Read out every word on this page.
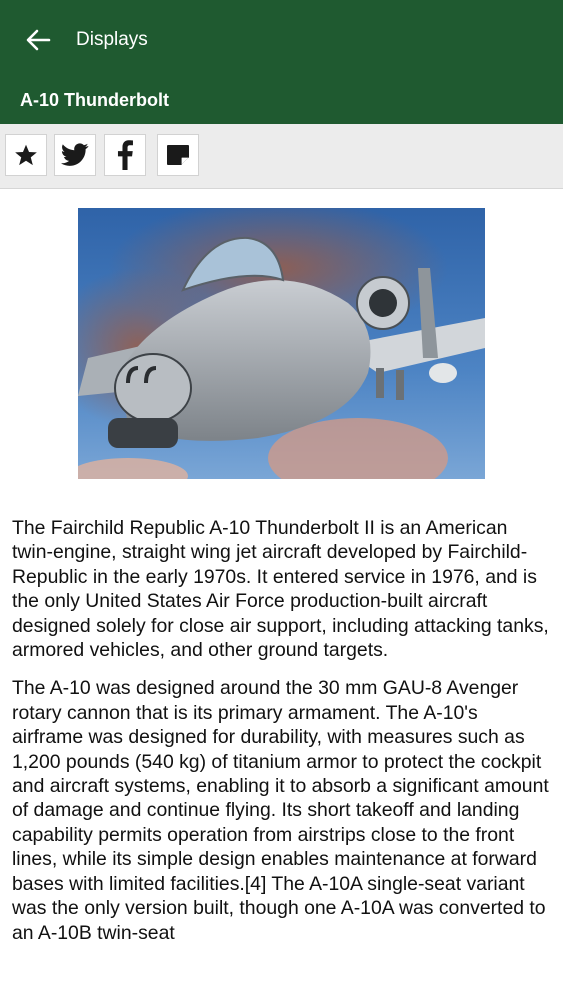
Displays
A-10 Thunderbolt

The Fairchild Republic A-10 Thunderbolt II is an American twin-engine, straight wing jet aircraft developed by Fairchild-Republic in the early 1970s. It entered service in 1976, and is the only United States Air Force production-built aircraft designed solely for close air support, including attacking tanks, armored vehicles, and other ground targets.

The A-10 was designed around the 30 mm GAU-8 Avenger rotary cannon that is its primary armament. The A-10's airframe was designed for durability, with measures such as 1,200 pounds (540 kg) of titanium armor to protect the cockpit and aircraft systems, enabling it to absorb a significant amount of damage and continue flying. Its short takeoff and landing capability permits operation from airstrips close to the front lines, while its simple design enables maintenance at forward bases with limited facilities.[4] The A-10A single-seat variant was the only version built, though one A-10A was converted to an A-10B twin-seat
